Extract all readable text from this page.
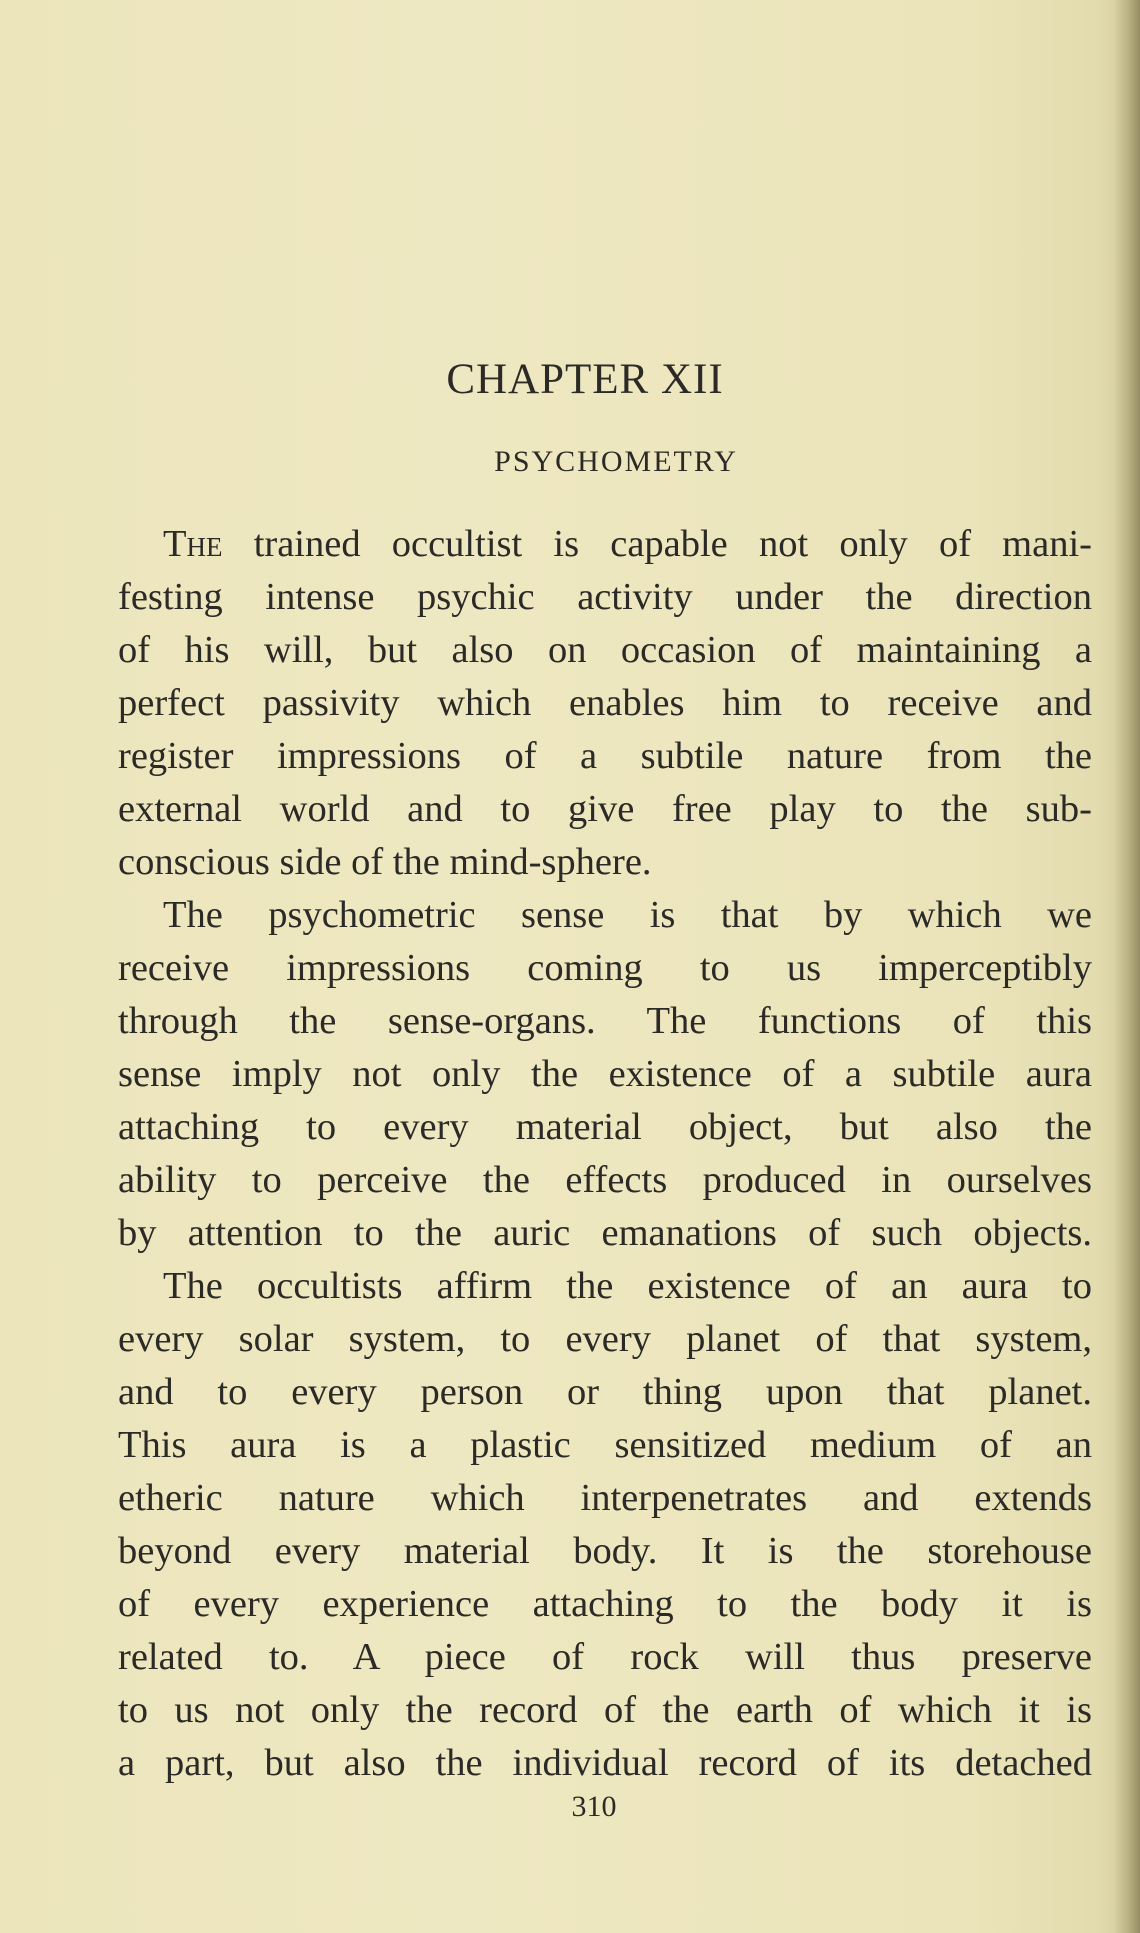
CHAPTER XII
PSYCHOMETRY
The trained occultist is capable not only of mani-
festing intense psychic activity under the direction
of his will, but also on occasion of maintaining a
perfect passivity which enables him to receive and
register impressions of a subtile nature from the
external world and to give free play to the sub-
conscious side of the mind-sphere.
The psychometric sense is that by which we
receive impressions coming to us imperceptibly
through the sense-organs. The functions of this
sense imply not only the existence of a subtile aura
attaching to every material object, but also the
ability to perceive the effects produced in ourselves
by attention to the auric emanations of such objects.
The occultists affirm the existence of an aura to
every solar system, to every planet of that system,
and to every person or thing upon that planet.
This aura is a plastic sensitized medium of an
etheric nature which interpenetrates and extends
beyond every material body. It is the storehouse
of every experience attaching to the body it is
related to. A piece of rock will thus preserve
to us not only the record of the earth of which it is
a part, but also the individual record of its detached
310
